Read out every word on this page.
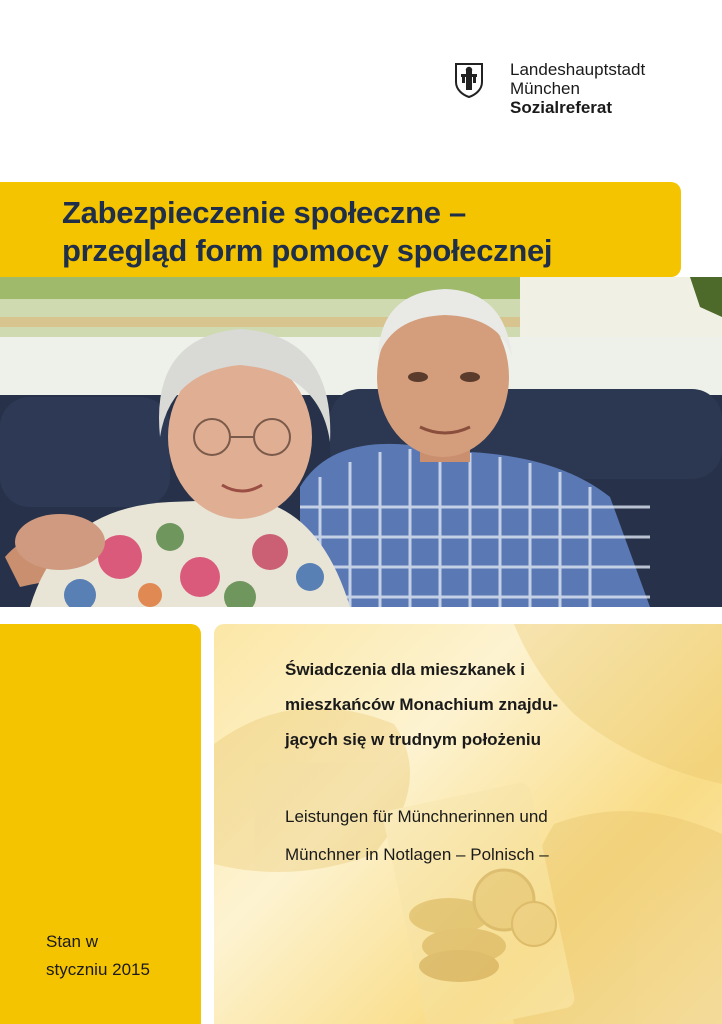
Landeshauptstadt
München
Sozialreferat
Zabezpieczenie społeczne –
przegląd form pomocy społecznej
Stan w
styczniu 2015
Świadczenia dla mieszkanek i
mieszkańców Monachium znajdu-
jących się w trudnym położeniu
Leistungen für Münchnerinnen und
Münchner in Notlagen – Polnisch –
